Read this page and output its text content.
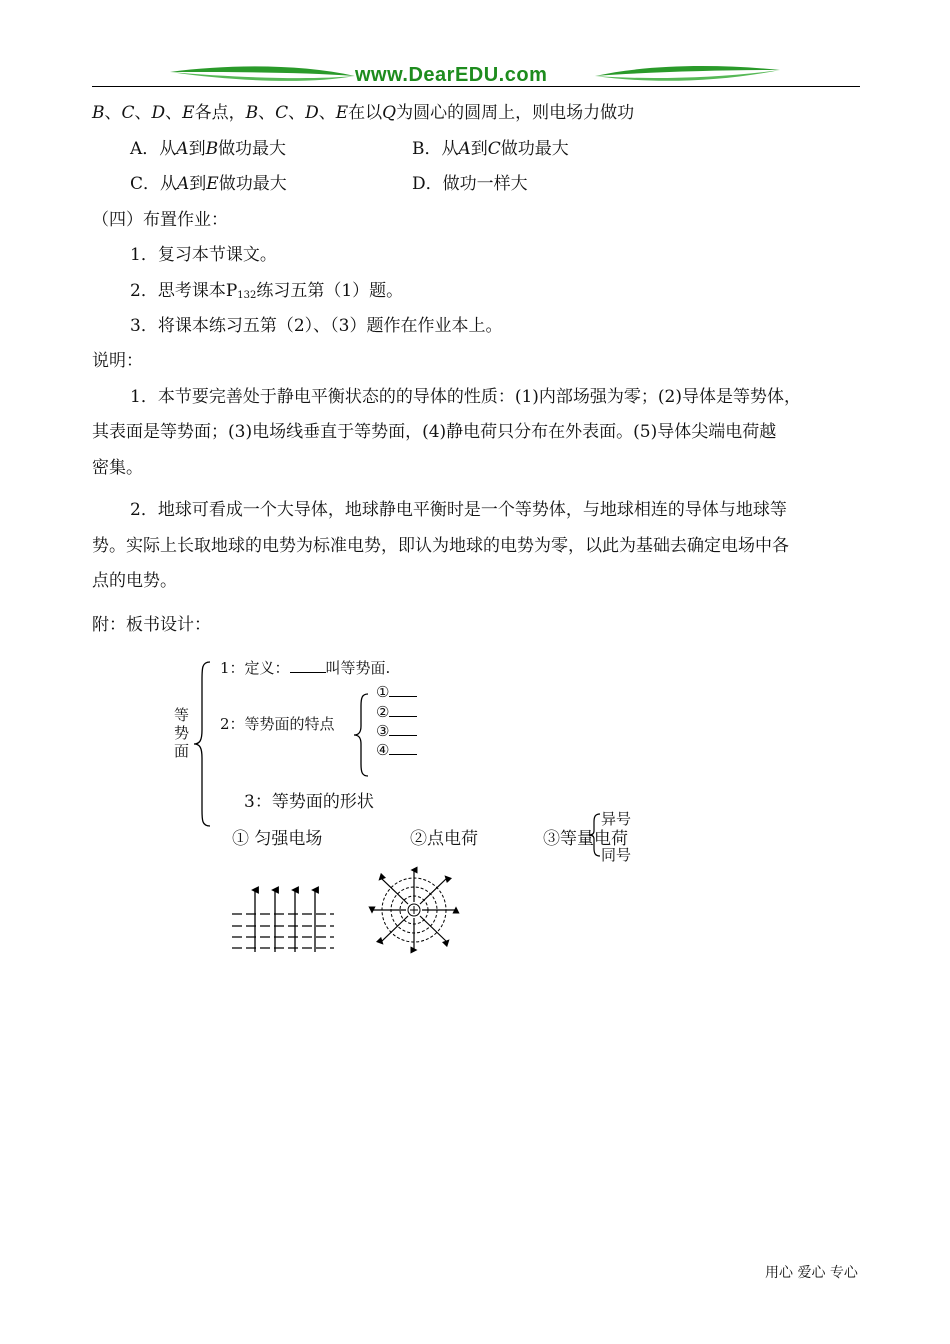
www.DearEDU.com
B、C、D、E各点，B、C、D、E在以Q为圆心的圆周上，则电场力做功
A．从A到B做功最大	B．从A到C做功最大
C．从A到E做功最大	D．做功一样大
（四）布置作业：
1．复习本节课文。
2．思考课本P132练习五第（1）题。
3．将课本练习五第（2）、（3）题作在作业本上。
说明：
1．本节要完善处于静电平衡状态的的导体的性质：(1)内部场强为零；(2)导体是等势体，
其表面是等势面；(3)电场线垂直于等势面，(4)静电荷只分布在外表面。(5)导体尖端电荷越
密集。
2．地球可看成一个大导体，地球静电平衡时是一个等势体，与地球相连的导体与地球等
势。实际上长取地球的电势为标准电势，即认为地球的电势为零，以此为基础去确定电场中各
点的电势。
附：板书设计：
等
势
面
1：定义： 叫等势面.
2：等势面的特点
①
②
③
④
3：等势面的形状
① 匀强电场	②点电荷	③等量电荷
异号
同号
用心 爱心 专心
